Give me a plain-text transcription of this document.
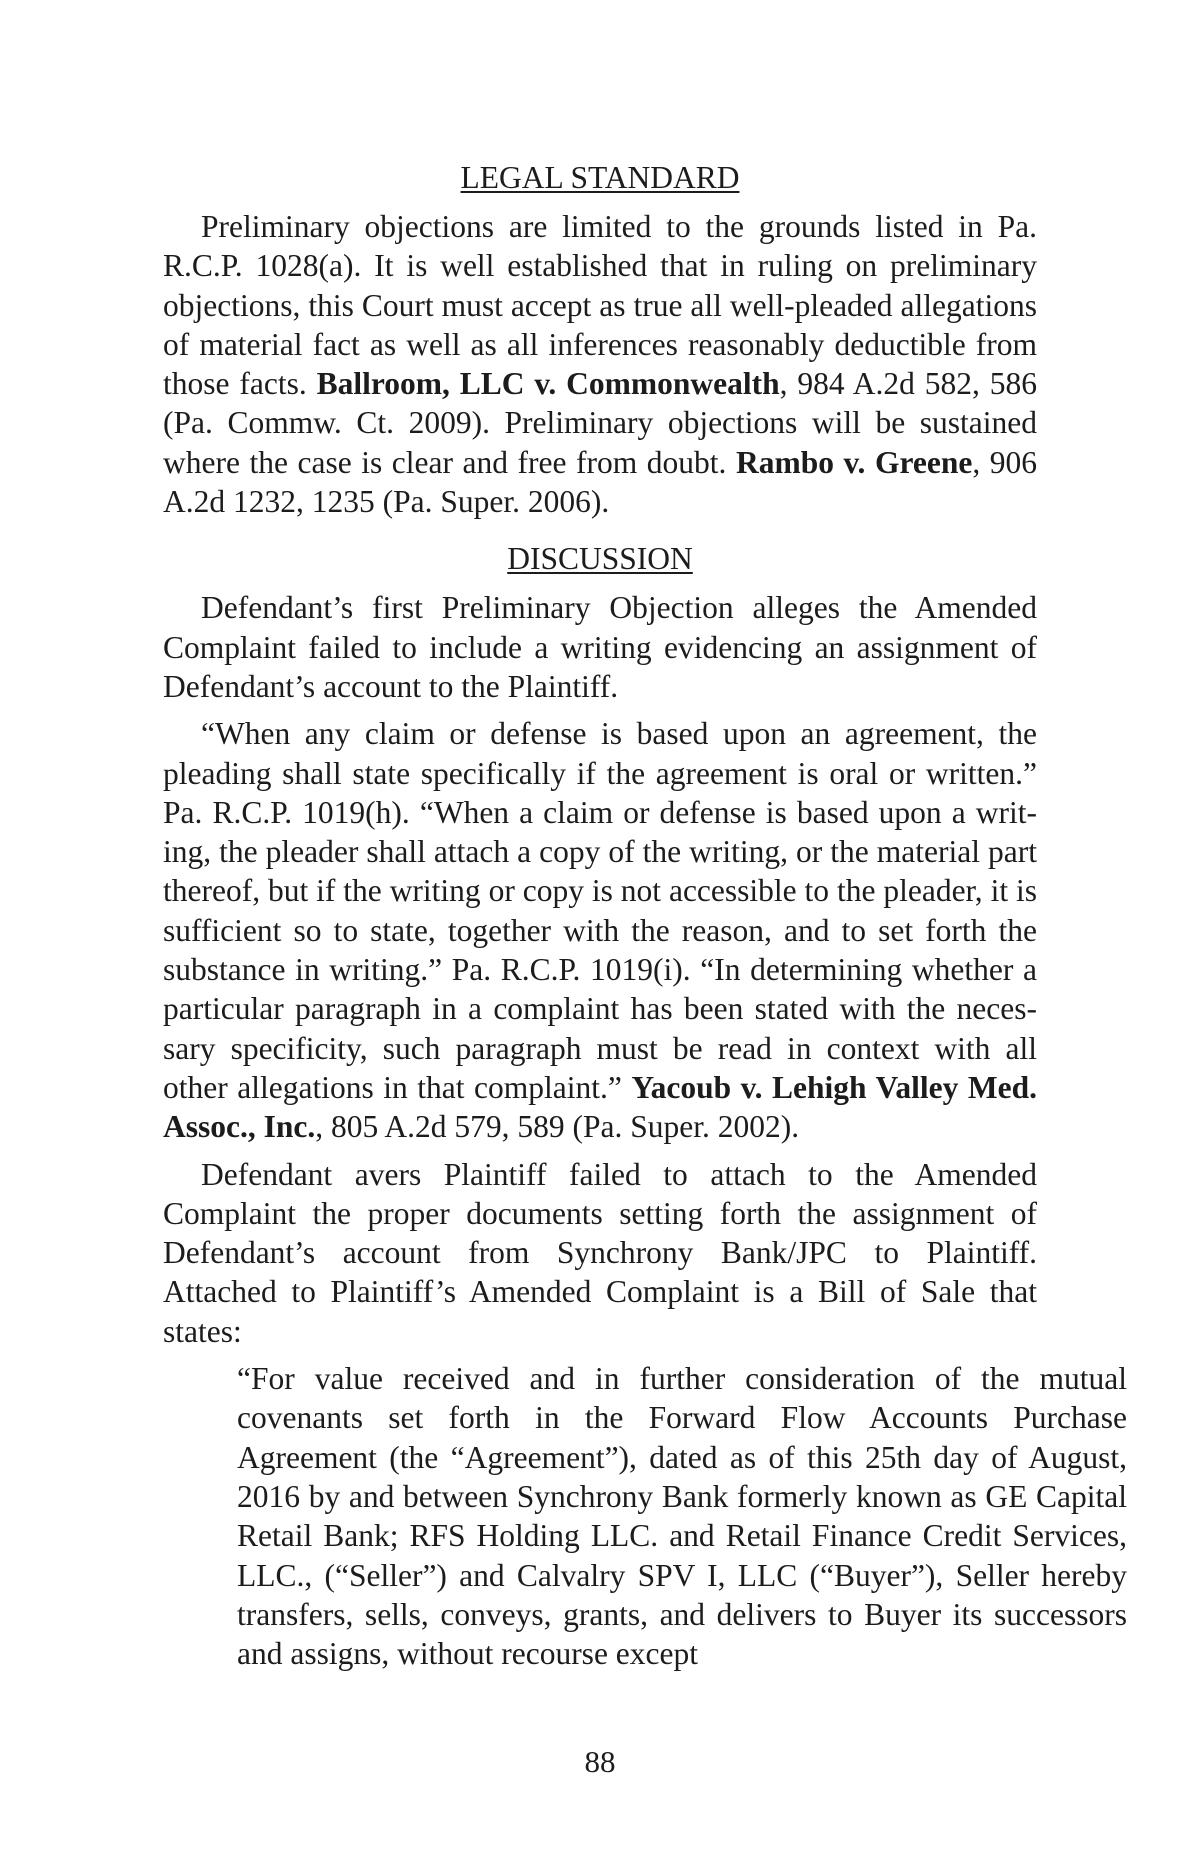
LEGAL STANDARD

Preliminary objections are limited to the grounds listed in Pa. R.C.P. 1028(a). It is well established that in ruling on preliminary objections, this Court must accept as true all well-pleaded allegations of material fact as well as all inferences reasonably deductible from those facts. Ballroom, LLC v. Commonwealth, 984 A.2d 582, 586 (Pa. Commw. Ct. 2009). Preliminary objections will be sustained where the case is clear and free from doubt. Rambo v. Greene, 906 A.2d 1232, 1235 (Pa. Super. 2006).

DISCUSSION

Defendant’s first Preliminary Objection alleges the Amended Complaint failed to include a writing evidencing an assignment of Defendant’s account to the Plaintiff.

“When any claim or defense is based upon an agreement, the pleading shall state specifically if the agreement is oral or written.” Pa. R.C.P. 1019(h). “When a claim or defense is based upon a writing, the pleader shall attach a copy of the writing, or the material part thereof, but if the writing or copy is not accessible to the pleader, it is sufficient so to state, together with the reason, and to set forth the substance in writing.” Pa. R.C.P. 1019(i). “In determining whether a particular paragraph in a complaint has been stated with the necessary specificity, such paragraph must be read in context with all other allegations in that complaint.” Yacoub v. Lehigh Valley Med. Assoc., Inc., 805 A.2d 579, 589 (Pa. Super. 2002).

Defendant avers Plaintiff failed to attach to the Amended Complaint the proper documents setting forth the assignment of Defendant’s account from Synchrony Bank/JPC to Plaintiff. Attached to Plaintiff’s Amended Complaint is a Bill of Sale that states:

“For value received and in further consideration of the mutual covenants set forth in the Forward Flow Accounts Purchase Agreement (the “Agreement”), dated as of this 25th day of August, 2016 by and between Synchrony Bank formerly known as GE Capital Retail Bank; RFS Holding LLC. and Retail Finance Credit Services, LLC., (“Seller”) and Calvalry SPV I, LLC (“Buyer”), Seller hereby transfers, sells, conveys, grants, and delivers to Buyer its successors and assigns, without recourse except
88
